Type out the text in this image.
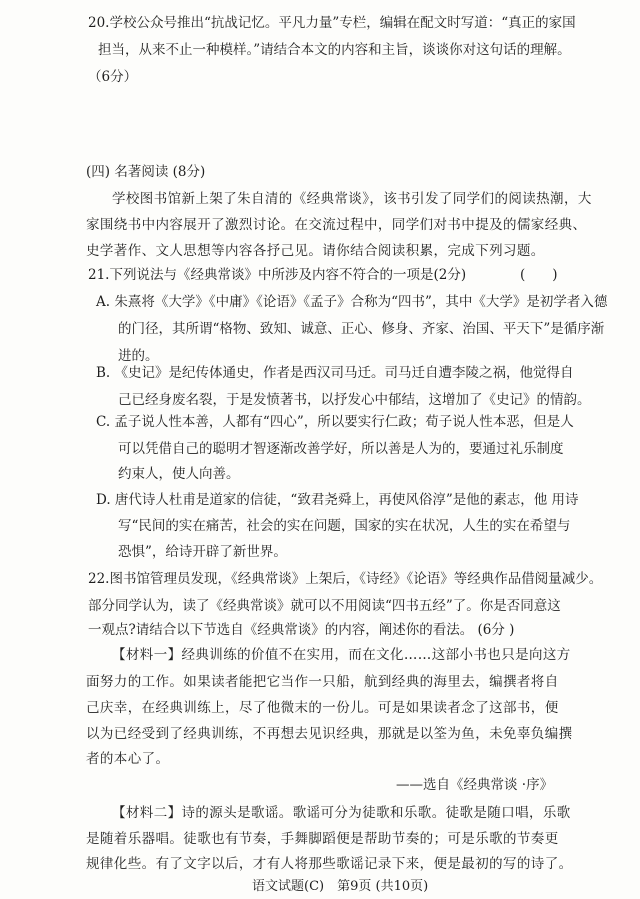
20.学校公众号推出“抗战记忆。平凡力量”专栏，编辑在配文时写道：“真正的家国
担当，从来不止一种模样。”请结合本文的内容和主旨，谈谈你对这句话的理解。
（6分）
(四) 名著阅读 (8分)
学校图书馆新上架了朱自清的《经典常谈》，该书引发了同学们的阅读热潮，大
家围绕书中内容展开了激烈讨论。在交流过程中，同学们对书中提及的儒家经典、
史学著作、文人思想等内容各抒己见。请你结合阅读积累，完成下列习题。
21.下列说法与《经典常谈》中所涉及内容不符合的一项是(2分)	(　　)
A. 朱熹将《大学》《中庸》《论语》《孟子》合称为“四书”，其中《大学》是初学者入德
的门径，其所谓“格物、致知、诚意、正心、修身、齐家、治国、平天下”是循序渐
进的。
B. 《史记》是纪传体通史，作者是西汉司马迁。司马迁自遭李陵之祸，他觉得自
己已经身废名裂，于是发愤著书，以抒发心中郁结，这增加了《史记》的情韵。
C. 孟子说人性本善，人都有“四心”，所以要实行仁政；荀子说人性本恶，但是人
可以凭借自己的聪明才智逐渐改善学好，所以善是人为的，要通过礼乐制度
约束人，使人向善。
D. 唐代诗人杜甫是道家的信徒，“致君尧舜上，再使风俗淳”是他的素志，他 用诗
写“民间的实在痛苦，社会的实在问题，国家的实在状况，人生的实在希望与
恐惧”，给诗开辟了新世界。
22.图书馆管理员发现，《经典常谈》上架后，《诗经》《论语》等经典作品借阅量减少。
部分同学认为，读了《经典常谈》就可以不用阅读“四书五经”了。你是否同意这
一观点?请结合以下节选自《经典常谈》的内容，阐述你的看法。 (6分 )
【材料一】经典训练的价值不在实用，而在文化……这部小书也只是向这方
面努力的工作。如果读者能把它当作一只船，航到经典的海里去，编撰者将自
己庆幸，在经典训练上，尽了他微末的一份儿。可是如果读者念了这部书，便
以为已经受到了经典训练，不再想去见识经典，那就是以筌为鱼，未免辜负编撰
者的本心了。
——选自《经典常谈 ·序》
【材料二】诗的源头是歌谣。歌谣可分为徒歌和乐歌。徒歌是随口唱，乐歌
是随着乐器唱。徒歌也有节奏，手舞脚蹈便是帮助节奏的；可是乐歌的节奏更
规律化些。有了文字以后，才有人将那些歌谣记录下来，便是最初的写的诗了。
语文试题(C)　第9页 (共10页)
